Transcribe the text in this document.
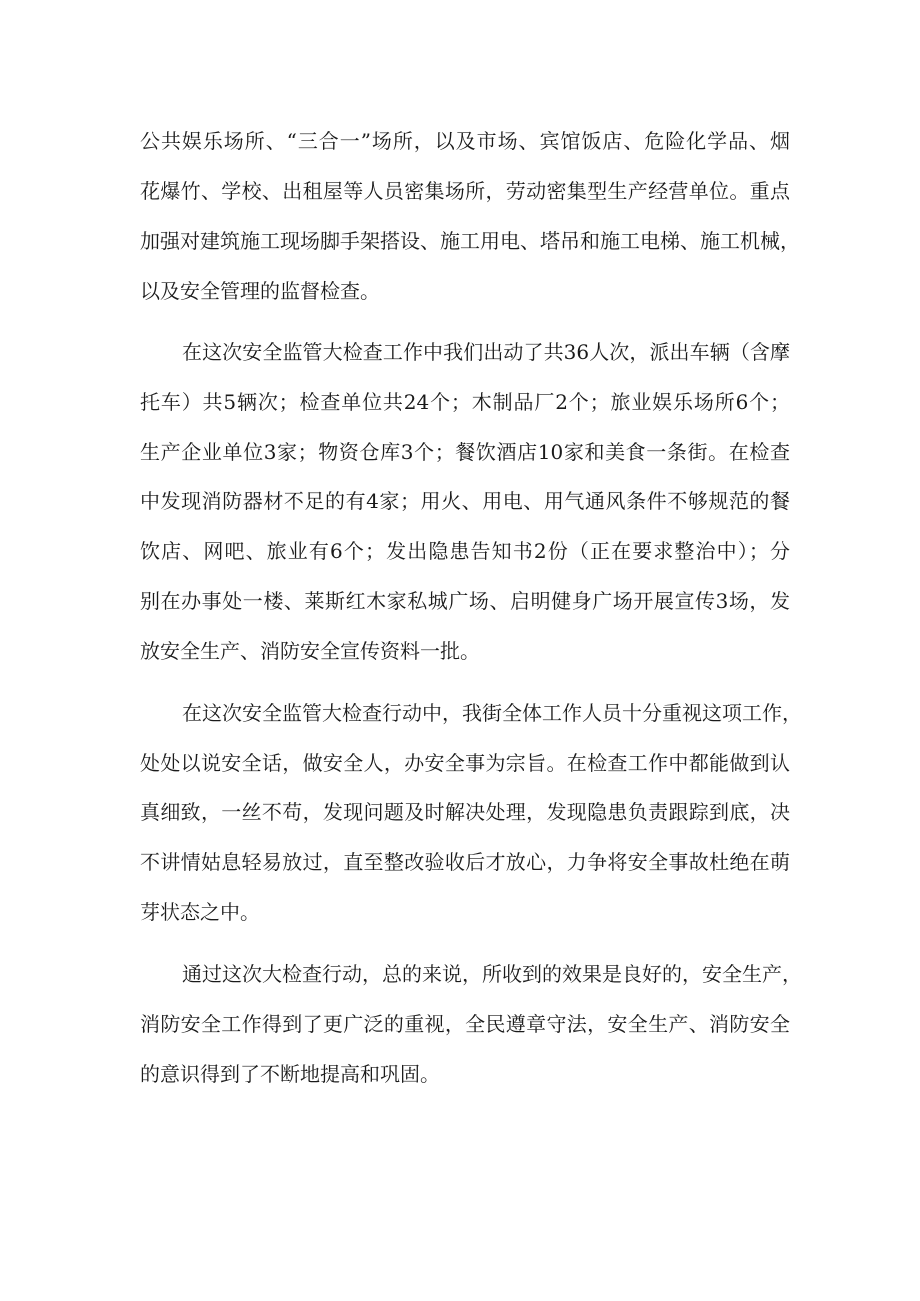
公共娱乐场所、“三合一”场所，以及市场、宾馆饭店、危险化学品、烟

花爆竹、学校、出租屋等人员密集场所，劳动密集型生产经营单位。重点

加强对建筑施工现场脚手架搭设、施工用电、塔吊和施工电梯、施工机械，

以及安全管理的监督检查。

在这次安全监管大检查工作中我们出动了共36人次，派出车辆（含摩

托车）共5辆次；检查单位共24个；木制品厂2个；旅业娱乐场所6个；

生产企业单位3家；物资仓库3个；餐饮酒店10家和美食一条街。在检查

中发现消防器材不足的有4家；用火、用电、用气通风条件不够规范的餐

饮店、网吧、旅业有6个；发出隐患告知书2份（正在要求整治中）；分

别在办事处一楼、莱斯红木家私城广场、启明健身广场开展宣传3场，发

放安全生产、消防安全宣传资料一批。

在这次安全监管大检查行动中，我街全体工作人员十分重视这项工作，

处处以说安全话，做安全人，办安全事为宗旨。在检查工作中都能做到认

真细致，一丝不苟，发现问题及时解决处理，发现隐患负责跟踪到底，决

不讲情姑息轻易放过，直至整改验收后才放心，力争将安全事故杜绝在萌

芽状态之中。

通过这次大检查行动，总的来说，所收到的效果是良好的，安全生产，

消防安全工作得到了更广泛的重视，全民遵章守法，安全生产、消防安全

的意识得到了不断地提高和巩固。
